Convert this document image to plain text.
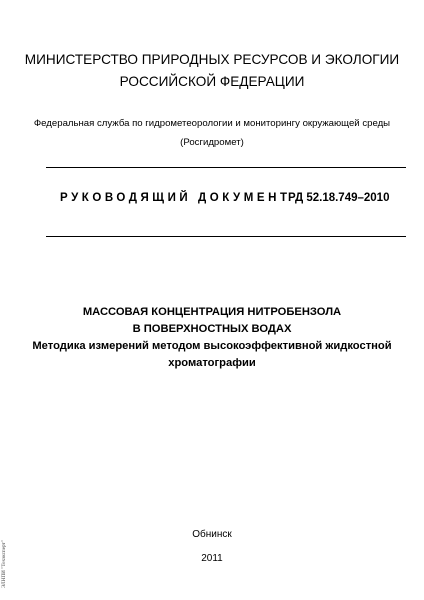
МИНИСТЕРСТВО ПРИРОДНЫХ РЕСУРСОВ И ЭКОЛОГИИ
РОССИЙСКОЙ ФЕДЕРАЦИИ
Федеральная служба по гидрометеорологии и мониторингу окружающей среды
(Росгидромет)
РУКОВОДЯЩИЙ ДОКУМЕНТ
РД 52.18.749–2010
МАССОВАЯ КОНЦЕНТРАЦИЯ НИТРОБЕНЗОЛА
В ПОВЕРХНОСТНЫХ ВОДАХ
Методика измерений методом высокоэффективной жидкостной
хроматографии
Обнинск
2011
ЭЛНПИ "Техэксперт"
